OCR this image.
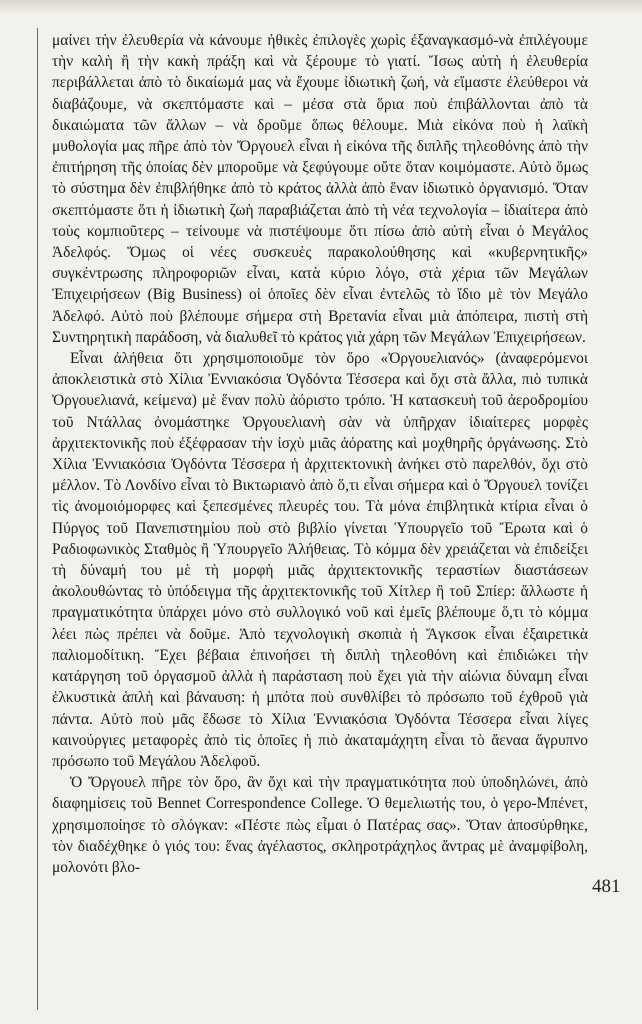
μαίνει τὴν ἐλευθερία νὰ κάνουμε ἠθικὲς ἐπιλογὲς χωρὶς ἐξαναγκασμό-νὰ ἐπιλέγουμε τὴν καλὴ ἢ τὴν κακὴ πράξη καὶ νὰ ξέρουμε τὸ γιατί. Ἴσως αὐτὴ ἡ ἐλευθερία περιβάλλεται ἀπὸ τὸ δικαίωμά μας νὰ ἔχουμε ἰδιωτικὴ ζωή, νὰ εἴμαστε ἐλεύθεροι νὰ διαβάζουμε, νὰ σκεπτόμαστε καὶ – μέσα στὰ ὅρια ποὺ ἐπιβάλλονται ἀπὸ τὰ δικαιώματα τῶν ἄλλων – νὰ δροῦμε ὅπως θέλουμε. Μιὰ εἰκόνα ποὺ ἡ λαϊκὴ μυθολογία μας πῆρε ἀπὸ τὸν Ὄργουελ εἶναι ἡ εἰκόνα τῆς διπλῆς τηλεοθόνης ἀπὸ τὴν ἐπιτήρηση τῆς ὁποίας δὲν μποροῦμε νὰ ξεφύγουμε οὔτε ὅταν κοιμόμαστε. Αὐτὸ ὅμως τὸ σύστημα δὲν ἐπιβλήθηκε ἀπὸ τὸ κράτος ἀλλὰ ἀπὸ ἕναν ἰδιωτικὸ ὀργανισμό. Ὅταν σκεπτόμαστε ὅτι ἡ ἰδιωτικὴ ζωὴ παραβιάζεται ἀπὸ τὴ νέα τεχνολογία – ἰδιαίτερα ἀπὸ τοὺς κομπιοῦτερς – τείνουμε νὰ πιστέψουμε ὅτι πίσω ἀπὸ αὐτὴ εἶναι ὁ Μεγάλος Ἀδελφός. Ὅμως οἱ νέες συσκευὲς παρακολούθησης καὶ «κυβερνητικῆς» συγκέντρωσης πληροφοριῶν εἶναι, κατὰ κύριο λόγο, στὰ χέρια τῶν Μεγάλων Ἐπιχειρήσεων (Big Business) οἱ ὁποῖες δὲν εἶναι ἐντελῶς τὸ ἴδιο μὲ τὸν Μεγάλο Ἀδελφό. Αὐτὸ ποὺ βλέπουμε σήμερα στὴ Βρετανία εἶναι μιὰ ἀπόπειρα, πιστὴ στὴ Συντηρητικὴ παράδοση, νὰ διαλυθεῖ τὸ κράτος γιὰ χάρη τῶν Μεγάλων Ἐπιχειρήσεων.

Εἶναι ἀλήθεια ὅτι χρησιμοποιοῦμε τὸν ὅρο «Ὀργουελιανός» (ἀναφερόμενοι ἀποκλειστικὰ στὸ Χίλια Ἐννιακόσια Ὀγδόντα Τέσσερα καὶ ὄχι στὰ ἄλλα, πιὸ τυπικὰ Ὀργουελιανά, κείμενα) μὲ ἕναν πολὺ ἀόριστο τρόπο. Ἡ κατασκευὴ τοῦ ἀεροδρομίου τοῦ Ντάλλας ὀνομάστηκε Ὀργουελιανὴ σὰν νὰ ὑπῆρχαν ἰδιαίτερες μορφὲς ἀρχιτεκτονικῆς ποὺ ἐξέφρασαν τὴν ἰσχὺ μιᾶς ἀόρατης καὶ μοχθηρῆς ὀργάνωσης. Στὸ Χίλια Ἐννιακόσια Ὀγδόντα Τέσσερα ἡ ἀρχιτεκτονικὴ ἀνήκει στὸ παρελθόν, ὄχι στὸ μέλλον. Τὸ Λονδίνο εἶναι τὸ Βικτωριανὸ ἀπὸ ὅ,τι εἶναι σήμερα καὶ ὁ Ὄργουελ τονίζει τὶς ἀνομοιόμορφες καὶ ξεπεσμένες πλευρές του. Τὰ μόνα ἐπιβλητικὰ κτίρια εἶναι ὁ Πύργος τοῦ Πανεπιστημίου ποὺ στὸ βιβλίο γίνεται Ὑπουργεῖο τοῦ Ἔρωτα καὶ ὁ Ραδιοφωνικὸς Σταθμὸς ἢ Ὑπουργεῖο Ἀλήθειας. Τὸ κόμμα δὲν χρειάζεται νὰ ἐπιδείξει τὴ δύναμή του μὲ τὴ μορφὴ μιᾶς ἀρχιτεκτονικῆς τεραστίων διαστάσεων ἀκολουθώντας τὸ ὑπόδειγμα τῆς ἀρχιτεκτονικῆς τοῦ Χίτλερ ἢ τοῦ Σπίερ: ἄλλωστε ἡ πραγματικότητα ὑπάρχει μόνο στὸ συλλογικό νοῦ καὶ ἐμεῖς βλέπουμε ὅ,τι τὸ κόμμα λέει πὼς πρέπει νὰ δοῦμε. Ἀπὸ τεχνολογικὴ σκοπιὰ ἡ Ἄγκσοκ εἶναι ἐξαιρετικὰ παλιομοδίτικη. Ἔχει βέβαια ἐπινοήσει τὴ διπλὴ τηλεοθόνη καὶ ἐπιδιώκει τὴν κατάργηση τοῦ ὀργασμοῦ ἀλλὰ ἡ παράσταση ποὺ ἔχει γιὰ τὴν αἰώνια δύναμη εἶναι ἑλκυστικὰ ἁπλὴ καὶ βάναυση: ἡ μπότα ποὺ συνθλίβει τὸ πρόσωπο τοῦ ἐχθροῦ γιὰ πάντα. Αὐτὸ ποὺ μᾶς ἔδωσε τὸ Χίλια Ἐννιακόσια Ὀγδόντα Τέσσερα εἶναι λίγες καινούργιες μεταφορὲς ἀπὸ τὶς ὁποῖες ἡ πιὸ ἀκαταμάχητη εἶναι τὸ ἄεναα ἄγρυπνο πρόσωπο τοῦ Μεγάλου Ἀδελφοῦ.

Ὁ Ὄργουελ πῆρε τὸν ὅρο, ἂν ὄχι καὶ τὴν πραγματικότητα ποὺ ὑποδηλώνει, ἀπὸ διαφημίσεις τοῦ Bennet Correspondence College. Ὁ θεμελιωτής του, ὁ γερο-Μπένετ, χρησιμοποίησε τὸ σλόγκαν: «Πέστε πὼς εἶμαι ὁ Πατέρας σας». Ὅταν ἀποσύρθηκε, τὸν διαδέχθηκε ὁ γιός του: ἕνας ἀγέλαστος, σκληροτράχηλος ἄντρας μὲ ἀναμφίβολη, μολονότι βλο-

481
